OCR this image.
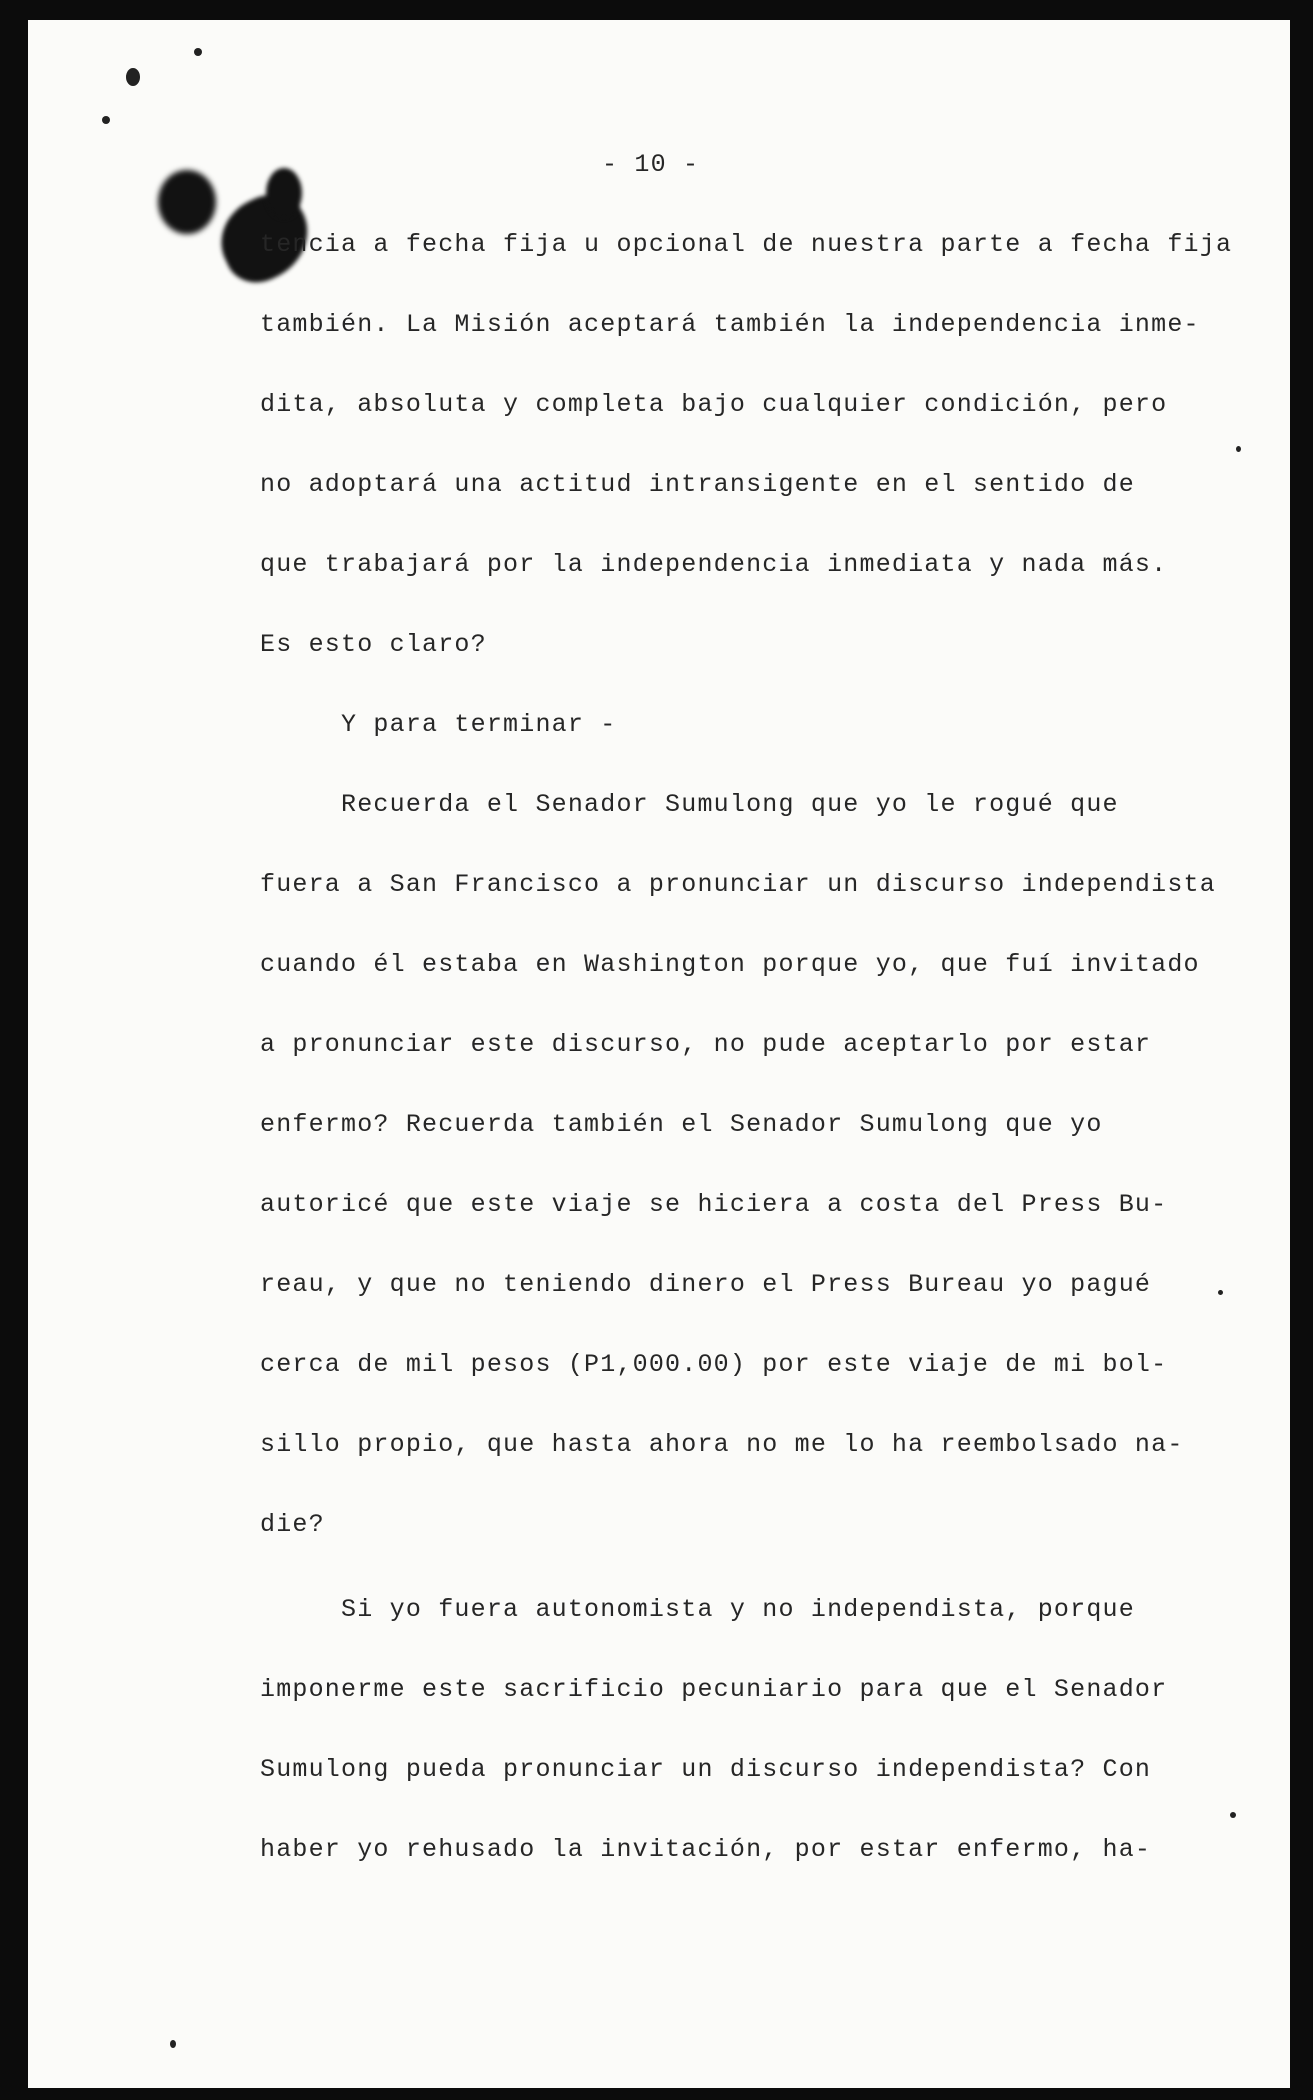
- 10 -

tencia a fecha fija u opcional de nuestra parte a fecha fija

también. La Misión aceptará también la independencia inme-

dita, absoluta y completa bajo cualquier condición, pero

no adoptará una actitud intransigente en el sentido de

que trabajará por la independencia inmediata y nada más.

Es esto claro?

Y para terminar -

Recuerda el Senador Sumulong que yo le rogué que

fuera a San Francisco a pronunciar un discurso independista

cuando él estaba en Washington porque yo, que fuí invitado

a pronunciar este discurso, no pude aceptarlo por estar

enfermo? Recuerda también el Senador Sumulong que yo

autoricé que este viaje se hiciera a costa del Press Bu-

reau, y que no teniendo dinero el Press Bureau yo pagué

cerca de mil pesos (P1,000.00) por este viaje de mi bol-

sillo propio, que hasta ahora no me lo ha reembolsado na-

die?

Si yo fuera autonomista y no independista, porque

imponerme este sacrificio pecuniario para que el Senador

Sumulong pueda pronunciar un discurso independista? Con

haber yo rehusado la invitación, por estar enfermo, ha-
